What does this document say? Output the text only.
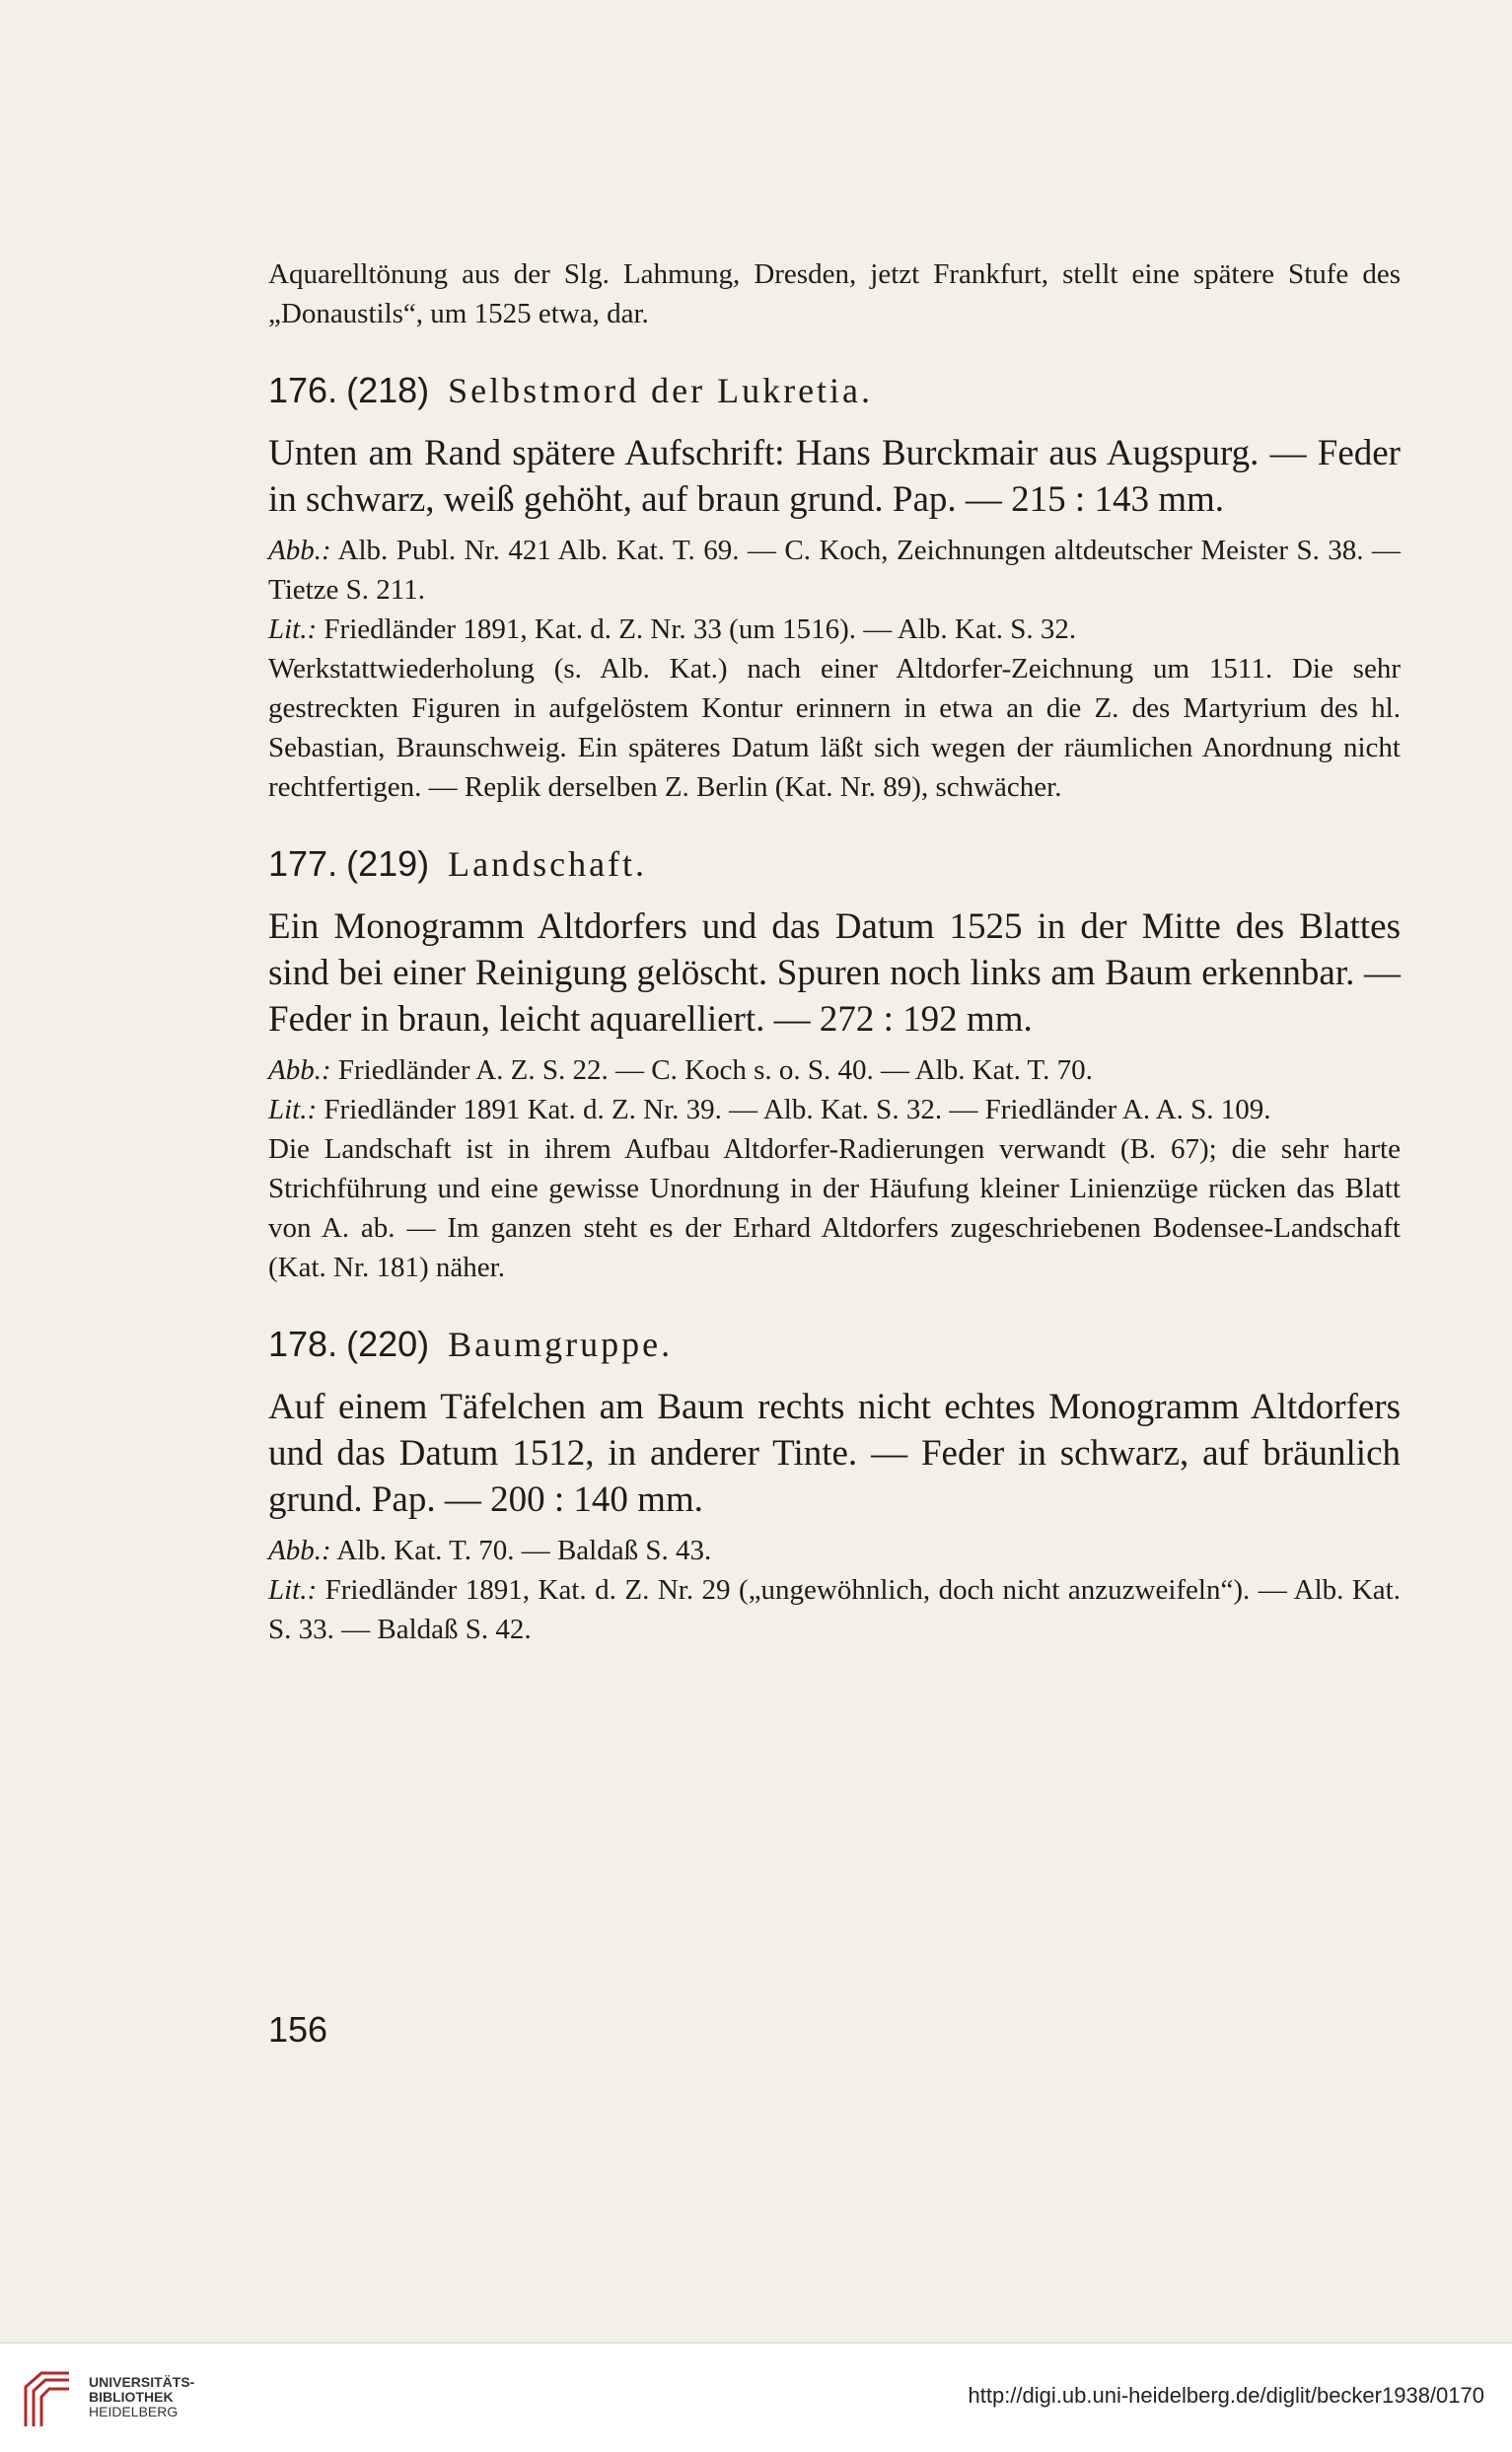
Aquarelltönung aus der Slg. Lahmung, Dresden, jetzt Frankfurt, stellt eine spätere Stufe des „Donaustils“, um 1525 etwa, dar.

176. (218) Selbstmord der Lukretia.

Unten am Rand spätere Aufschrift: Hans Burckmair aus Augspurg. — Feder in schwarz, weiß gehöht, auf braun grund. Pap. — 215 : 143 mm.

Abb.: Alb. Publ. Nr. 421 Alb. Kat. T. 69. — C. Koch, Zeichnungen altdeutscher Meister S. 38. — Tietze S. 211.

Lit.: Friedländer 1891, Kat. d. Z. Nr. 33 (um 1516). — Alb. Kat. S. 32.

Werkstattwiederholung (s. Alb. Kat.) nach einer Altdorfer-Zeichnung um 1511. Die sehr gestreckten Figuren in aufgelöstem Kontur erinnern in etwa an die Z. des Martyrium des hl. Sebastian, Braunschweig. Ein späteres Datum läßt sich wegen der räumlichen Anordnung nicht rechtfertigen. — Replik derselben Z. Berlin (Kat. Nr. 89), schwächer.

177. (219) Landschaft.

Ein Monogramm Altdorfers und das Datum 1525 in der Mitte des Blattes sind bei einer Reinigung gelöscht. Spuren noch links am Baum erkennbar. — Feder in braun, leicht aquarelliert. — 272 : 192 mm.

Abb.: Friedländer A. Z. S. 22. — C. Koch s. o. S. 40. — Alb. Kat. T. 70.

Lit.: Friedländer 1891 Kat. d. Z. Nr. 39. — Alb. Kat. S. 32. — Friedländer A. A. S. 109.

Die Landschaft ist in ihrem Aufbau Altdorfer-Radierungen verwandt (B. 67); die sehr harte Strichführung und eine gewisse Unordnung in der Häufung kleiner Linienzüge rücken das Blatt von A. ab. — Im ganzen steht es der Erhard Altdorfers zugeschriebenen Bodensee-Landschaft (Kat. Nr. 181) näher.

178. (220) Baumgruppe.

Auf einem Täfelchen am Baum rechts nicht echtes Monogramm Altdorfers und das Datum 1512, in anderer Tinte. — Feder in schwarz, auf bräunlich grund. Pap. — 200 : 140 mm.

Abb.: Alb. Kat. T. 70. — Baldaß S. 43.

Lit.: Friedländer 1891, Kat. d. Z. Nr. 29 („ungewöhnlich, doch nicht anzuzweifeln“). — Alb. Kat. S. 33. — Baldaß S. 42.

156
UNIVERSITÄTS-
BIBLIOTHEK
HEIDELBERG
http://digi.ub.uni-heidelberg.de/diglit/becker1938/0170
